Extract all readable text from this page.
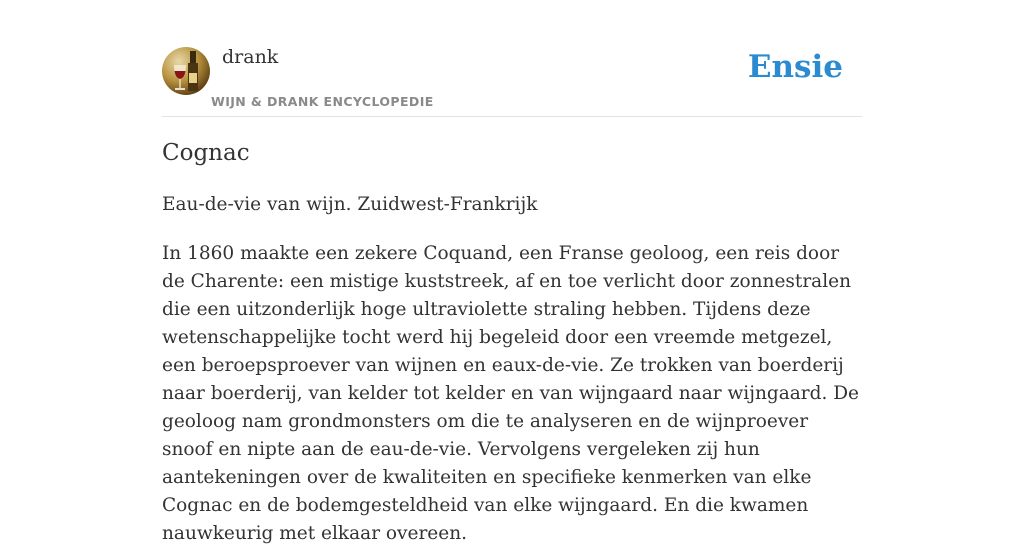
drank
WIJN & DRANK ENCYCLOPEDIE
Ensie
Cognac
Eau-de-vie van wijn. Zuidwest-Frankrijk

In 1860 maakte een zekere Coquand, een Franse geoloog, een reis door de Charente: een mistige kuststreek, af en toe verlicht door zonnestralen die een uitzonderlijk hoge ultraviolette straling hebben. Tijdens deze wetenschappelijke tocht werd hij begeleid door een vreemde metgezel, een beroepsproever van wijnen en eaux-de-vie. Ze trokken van boerderij naar boerderij, van kelder tot kelder en van wijngaard naar wijngaard. De geoloog nam grondmonsters om die te analyseren en de wijnproever snoof en nipte aan de eau-de-vie. Vervolgens vergeleken zij hun aantekeningen over de kwaliteiten en specifieke kenmerken van elke Cognac en de bodemgesteldheid van elke wijngaard. En die kwamen nauwkeurig met elkaar overeen.
